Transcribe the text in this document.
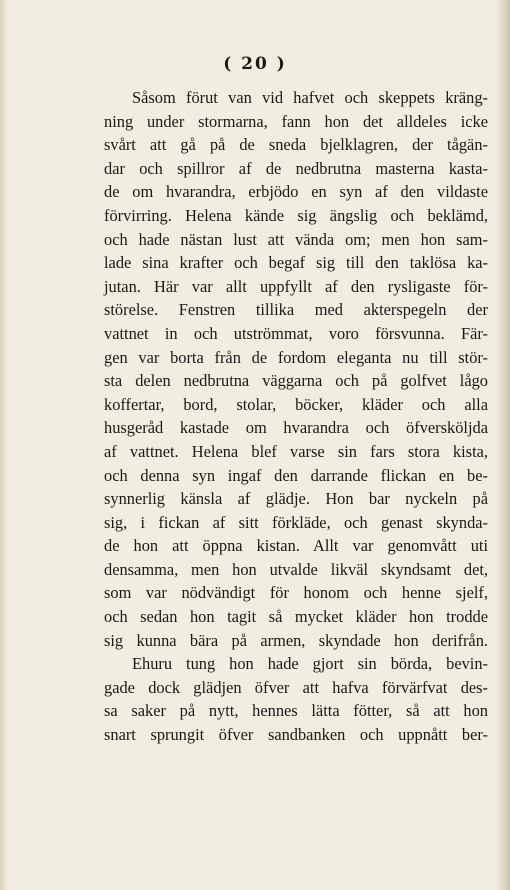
( 20 )
Såsom förut van vid hafvet och skeppets kräng-
ning under stormarna, fann hon det alldeles icke
svårt att gå på de sneda bjelklagren, der tågän-
dar och spillror af de nedbrutna masterna kasta-
de om hvarandra, erbjödo en syn af den vildaste
förvirring. Helena kände sig ängslig och beklämd,
och hade nästan lust att vända om; men hon sam-
lade sina krafter och begaf sig till den taklösa ka-
jutan. Här var allt uppfyllt af den rysligaste för-
störelse. Fenstren tillika med akterspegeln der
vattnet in och utströmmat, voro försvunna. Fär-
gen var borta från de fordom eleganta nu till stör-
sta delen nedbrutna väggarna och på golfvet lågo
koffertar, bord, stolar, böcker, kläder och alla
husgeråd kastade om hvarandra och öfversköljda
af vattnet. Helena blef varse sin fars stora kista,
och denna syn ingaf den darrande flickan en be-
synnerlig känsla af glädje. Hon bar nyckeln på
sig, i fickan af sitt förkläde, och genast skynda-
de hon att öppna kistan. Allt var genomvått uti
densamma, men hon utvalde likväl skyndsamt det,
som var nödvändigt för honom och henne sjelf,
och sedan hon tagit så mycket kläder hon trodde
sig kunna bära på armen, skyndade hon derifrån.
Ehuru tung hon hade gjort sin börda, bevin-
gade dock glädjen öfver att hafva förvärfvat des-
sa saker på nytt, hennes lätta fötter, så att hon
snart sprungit öfver sandbanken och uppnått ber-
